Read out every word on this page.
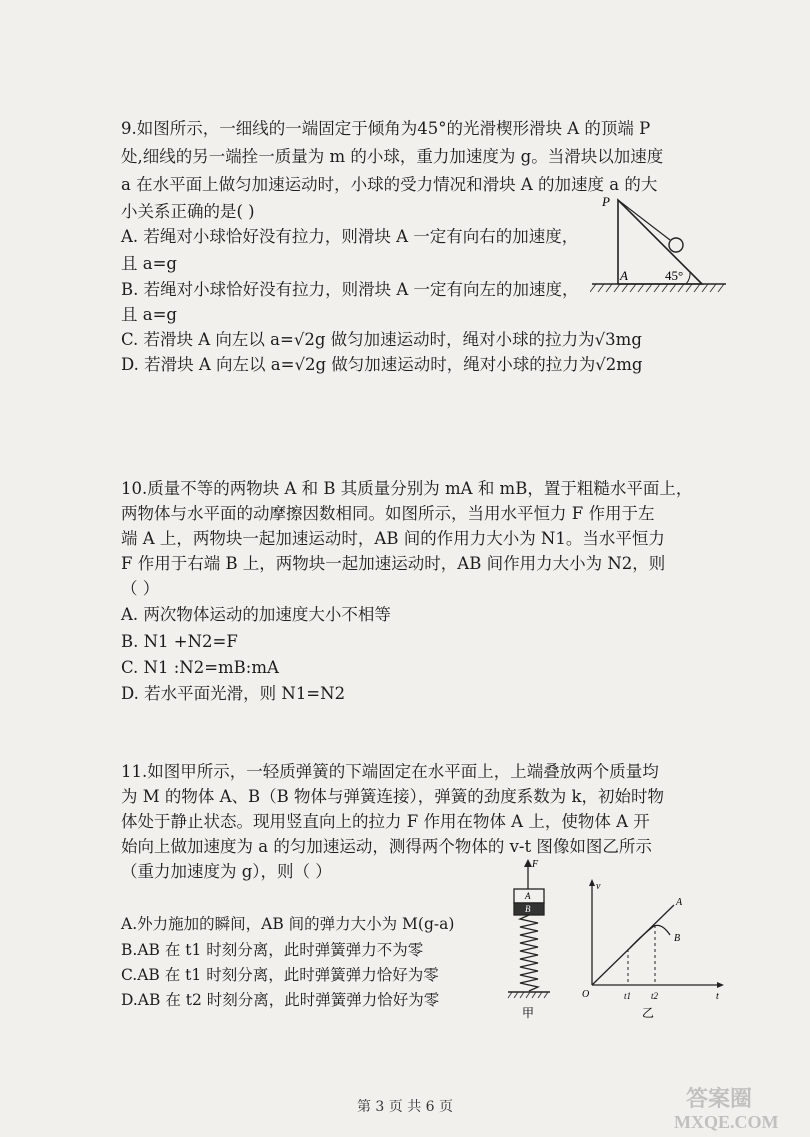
9.如图所示，一细线的一端固定于倾角为45°的光滑楔形滑块 A 的顶端 P
处,细线的另一端拴一质量为 m 的小球，重力加速度为 g。当滑块以加速度
a 在水平面上做匀加速运动时，小球的受力情况和滑块 A 的加速度 a 的大
小关系正确的是( )
A. 若绳对小球恰好没有拉力，则滑块 A 一定有向右的加速度，
且 a=g
B. 若绳对小球恰好没有拉力，则滑块 A 一定有向左的加速度，
且 a=g
C. 若滑块 A 向左以 a=√2g 做匀加速运动时，绳对小球的拉力为√3mg
D. 若滑块 A 向左以 a=√2g 做匀加速运动时，绳对小球的拉力为√2mg
P
A	45°
10.质量不等的两物块 A 和 B 其质量分别为 mA 和 mB，置于粗糙水平面上，
两物体与水平面的动摩擦因数相同。如图所示，当用水平恒力 F 作用于左
端 A 上，两物块一起加速运动时，AB 间的作用力大小为 N1。当水平恒力
F 作用于右端 B 上，两物块一起加速运动时，AB 间作用力大小为 N2，则
（ ）
A. 两次物体运动的加速度大小不相等
B. N1 +N2=F
C. N1 :N2=mB:mA
D. 若水平面光滑，则 N1=N2
11.如图甲所示，一轻质弹簧的下端固定在水平面上，上端叠放两个质量均
为 M 的物体 A、B（B 物体与弹簧连接），弹簧的劲度系数为 k，初始时物
体处于静止状态。现用竖直向上的拉力 F 作用在物体 A 上，使物体 A 开
始向上做加速度为 a 的匀加速运动，测得两个物体的 v-t 图像如图乙所示
（重力加速度为 g），则（ ）
A.外力施加的瞬间，AB 间的弹力大小为 M(g-a)
B.AB 在 t1 时刻分离，此时弹簧弹力不为零
C.AB 在 t1 时刻分离，此时弹簧弹力恰好为零
D.AB 在 t2 时刻分离，此时弹簧弹力恰好为零
F
A
B
甲
v
t
O	t1 t2
A
B
乙
第 3 页 共 6 页	答案圈
MXQE.COM
